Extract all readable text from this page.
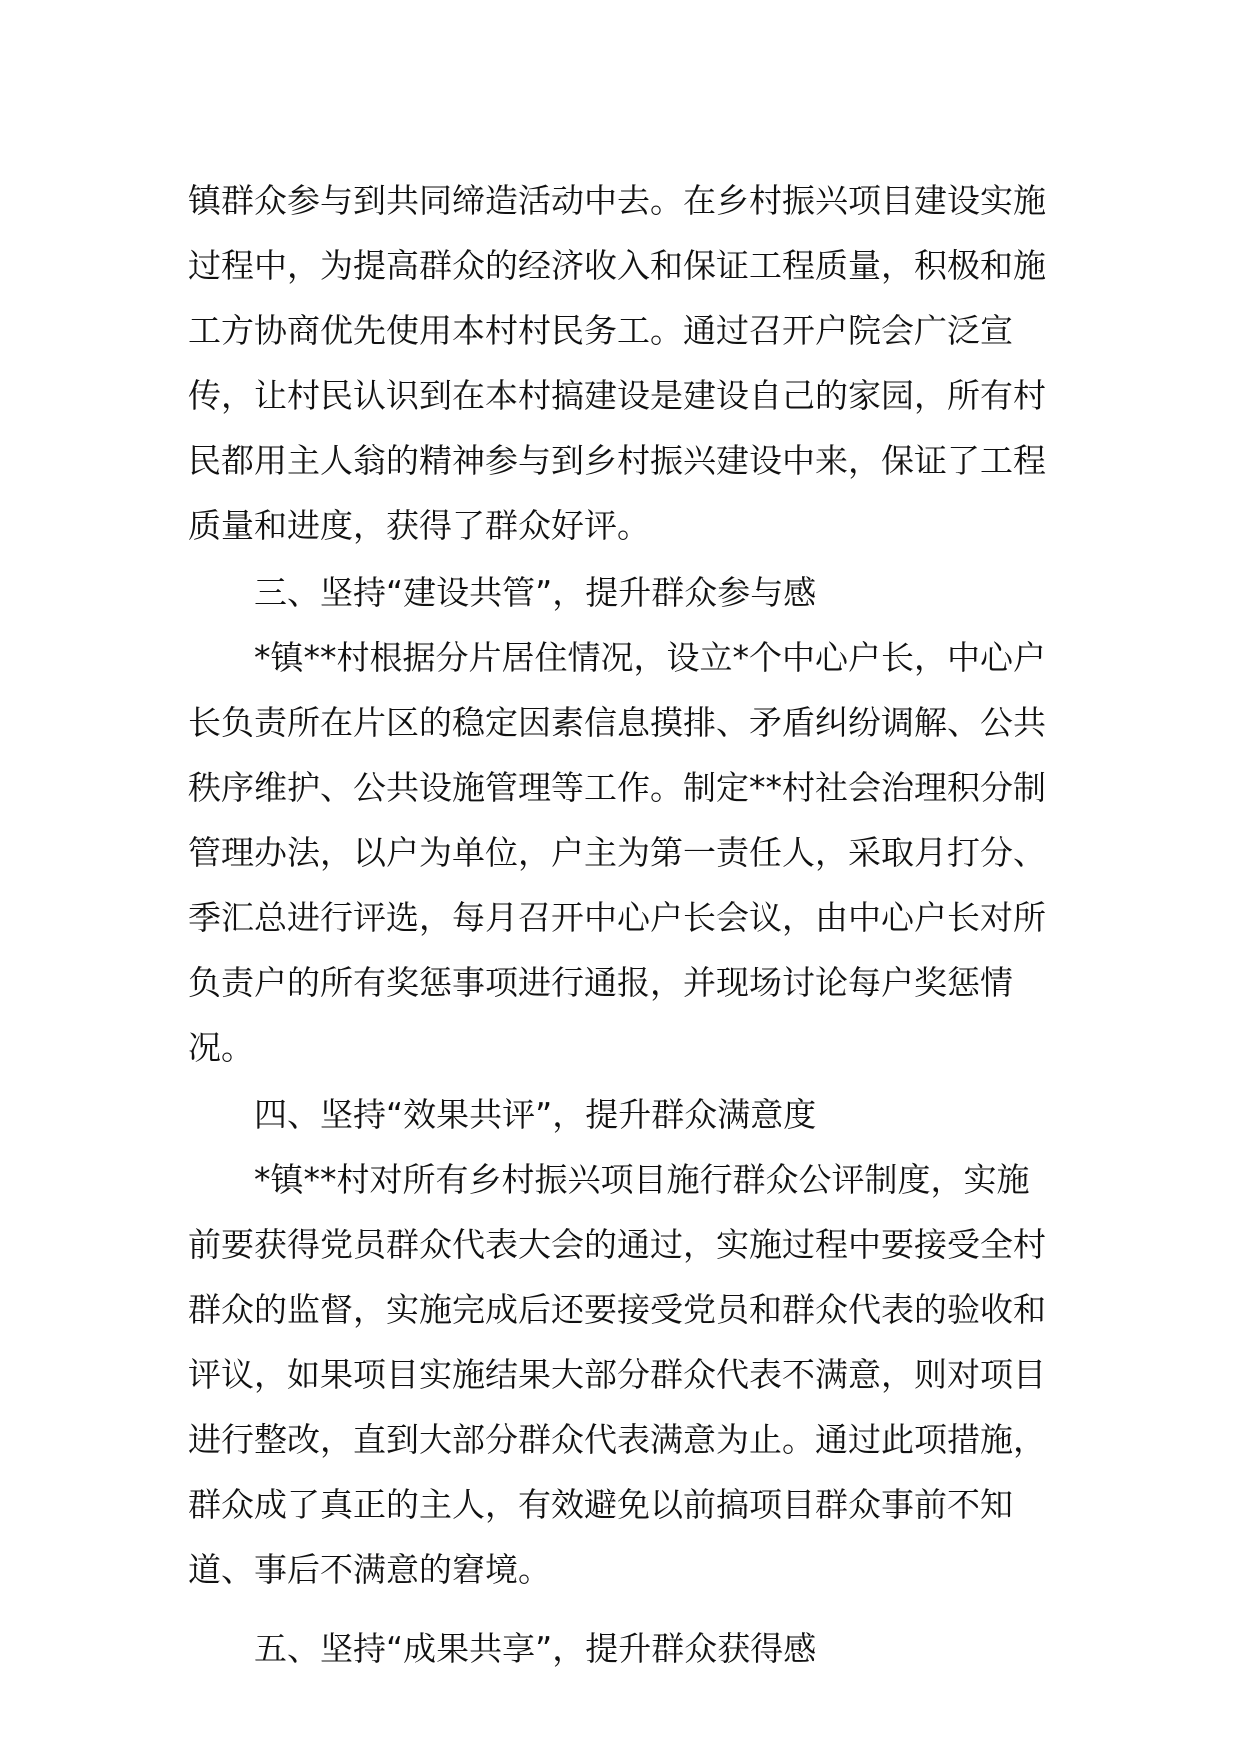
镇群众参与到共同缔造活动中去。在乡村振兴项目建设实施过程中，为提高群众的经济收入和保证工程质量，积极和施工方协商优先使用本村村民务工。通过召开户院会广泛宣传，让村民认识到在本村搞建设是建设自己的家园，所有村民都用主人翁的精神参与到乡村振兴建设中来，保证了工程质量和进度，获得了群众好评。

三、坚持“建设共管”，提升群众参与感

*镇**村根据分片居住情况，设立*个中心户长，中心户长负责所在片区的稳定因素信息摸排、矛盾纠纷调解、公共秩序维护、公共设施管理等工作。制定**村社会治理积分制管理办法，以户为单位，户主为第一责任人，采取月打分、季汇总进行评选，每月召开中心户长会议，由中心户长对所负责户的所有奖惩事项进行通报，并现场讨论每户奖惩情况。

四、坚持“效果共评”，提升群众满意度

*镇**村对所有乡村振兴项目施行群众公评制度，实施前要获得党员群众代表大会的通过，实施过程中要接受全村群众的监督，实施完成后还要接受党员和群众代表的验收和评议，如果项目实施结果大部分群众代表不满意，则对项目进行整改，直到大部分群众代表满意为止。通过此项措施，群众成了真正的主人，有效避免以前搞项目群众事前不知道、事后不满意的窘境。

五、坚持“成果共享”，提升群众获得感
